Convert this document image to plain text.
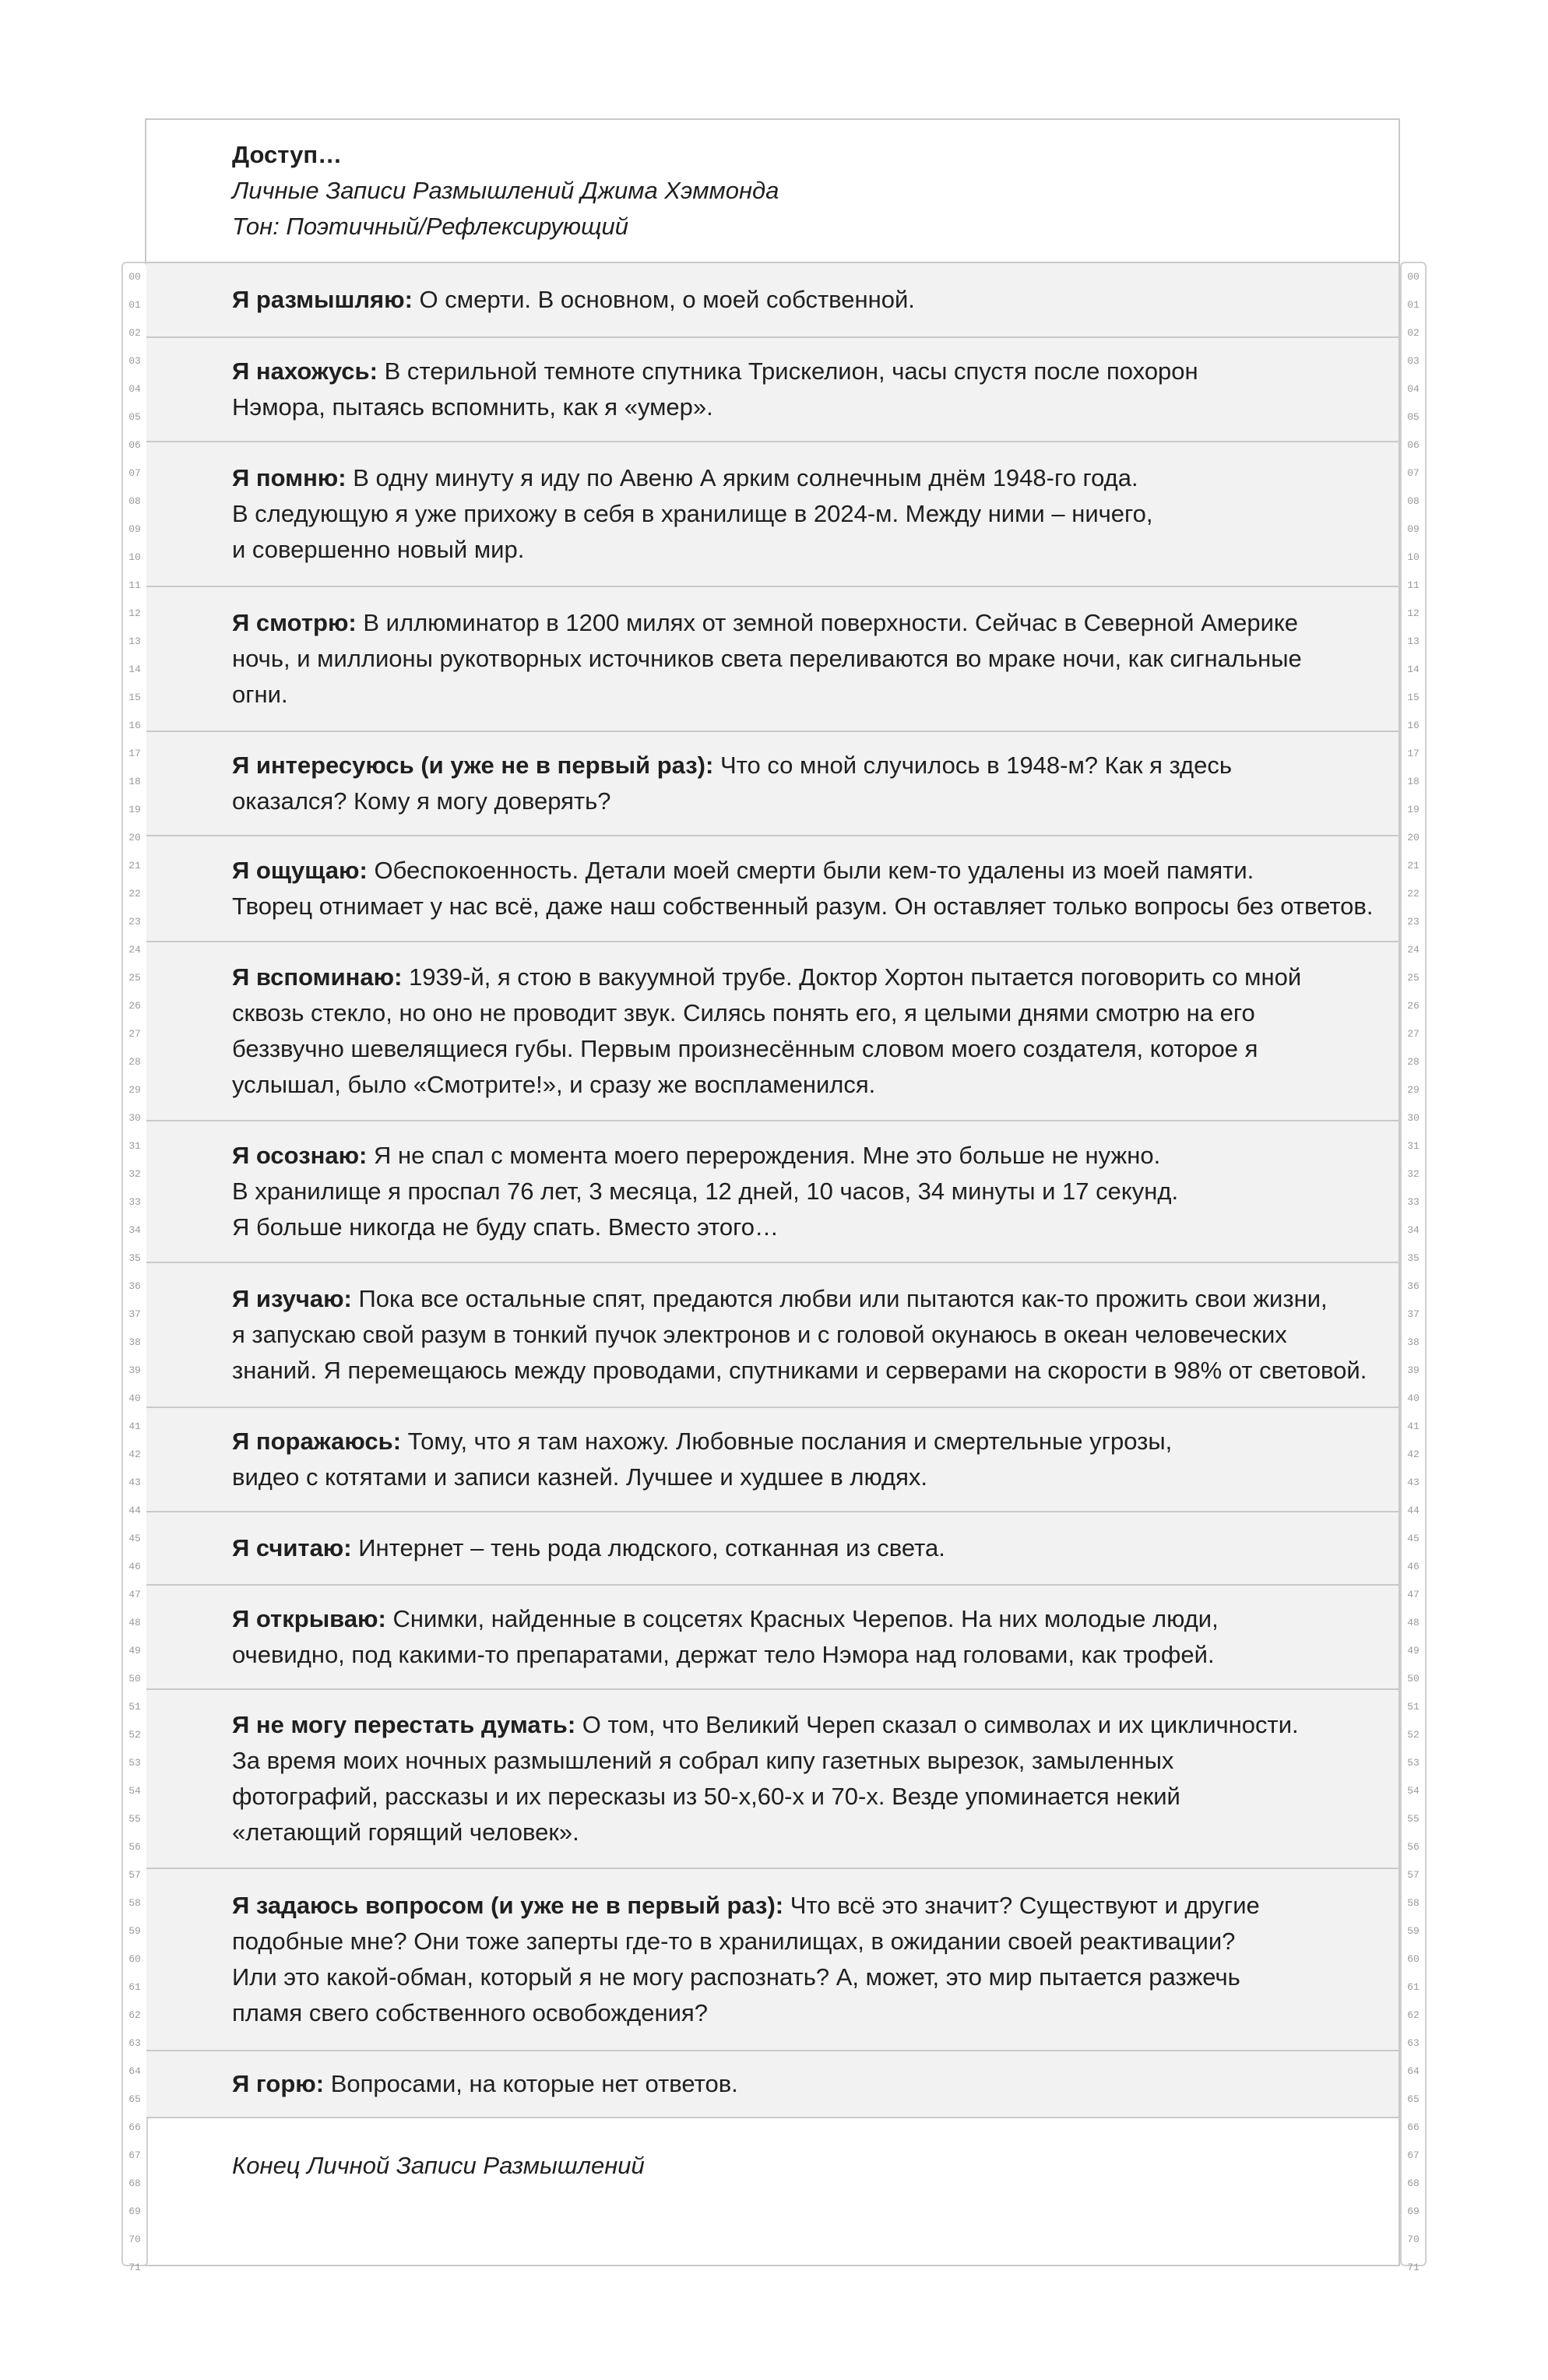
00
01
02
03
04
05
06
07
08
09
10
11
12
13
14
15
16
17
18
19
20
21
22
23
24
25
26
27
28
29
30
31
32
33
34
35
36
37
38
39
40
41
42
43
44
45
46
47
48
49
50
51
52
53
54
55
56
57
58
59
60
61
62
63
64
65
66
67
68
69
70
71
00
01
02
03
04
05
06
07
08
09
10
11
12
13
14
15
16
17
18
19
20
21
22
23
24
25
26
27
28
29
30
31
32
33
34
35
36
37
38
39
40
41
42
43
44
45
46
47
48
49
50
51
52
53
54
55
56
57
58
59
60
61
62
63
64
65
66
67
68
69
70
71
Доступ…
Личные Записи Размышлений Джима Хэммонда
Тон: Поэтичный/Рефлексирующий
Я размышляю: О смерти. В основном, о моей собственной.
Я нахожусь: В стерильной темноте спутника Трискелион, часы спустя после похорон
Нэмора, пытаясь вспомнить, как я «умер».
Я помню: В одну минуту я иду по Авеню А ярким солнечным днём 1948-го года.
В следующую я уже прихожу в себя в хранилище в 2024-м. Между ними – ничего,
и совершенно новый мир.
Я смотрю: В иллюминатор в 1200 милях от земной поверхности. Сейчас в Северной Америке
ночь, и миллионы рукотворных источников света переливаются во мраке ночи, как сигнальные
огни.
Я интересуюсь (и уже не в первый раз): Что со мной случилось в 1948-м? Как я здесь
оказался? Кому я могу доверять?
Я ощущаю: Обеспокоенность. Детали моей смерти были кем-то удалены из моей памяти.
Творец отнимает у нас всё, даже наш собственный разум. Он оставляет только вопросы без ответов.
Я вспоминаю: 1939-й, я стою в вакуумной трубе. Доктор Хортон пытается поговорить со мной
сквозь стекло, но оно не проводит звук. Силясь понять его, я целыми днями смотрю на его
беззвучно шевелящиеся губы. Первым произнесённым словом моего создателя, которое я
услышал, было «Смотрите!», и сразу же воспламенился.
Я осознаю: Я не спал с момента моего перерождения. Мне это больше не нужно.
В хранилище я проспал 76 лет, 3 месяца, 12 дней, 10 часов, 34 минуты и 17 секунд.
Я больше никогда не буду спать. Вместо этого…
Я изучаю: Пока все остальные спят, предаются любви или пытаются как-то прожить свои жизни,
я запускаю свой разум в тонкий пучок электронов и с головой окунаюсь в океан человеческих
знаний. Я перемещаюсь между проводами, спутниками и серверами на скорости в 98% от световой.
Я поражаюсь: Тому, что я там нахожу. Любовные послания и смертельные угрозы,
видео с котятами и записи казней. Лучшее и худшее в людях.
Я считаю: Интернет – тень рода людского, сотканная из света.
Я открываю: Снимки, найденные в соцсетях Красных Черепов. На них молодые люди,
очевидно, под какими-то препаратами, держат тело Нэмора над головами, как трофей.
Я не могу перестать думать: О том, что Великий Череп сказал о символах и их цикличности.
За время моих ночных размышлений я собрал кипу газетных вырезок, замыленных
фотографий, рассказы и их пересказы из 50-х,60-х и 70-х. Везде упоминается некий
«летающий горящий человек».
Я задаюсь вопросом (и уже не в первый раз): Что всё это значит? Существуют и другие
подобные мне? Они тоже заперты где-то в хранилищах, в ожидании своей реактивации?
Или это какой-обман, который я не могу распознать? А, может, это мир пытается разжечь
пламя свего собственного освобождения?
Я горю: Вопросами, на которые нет ответов.
Конец Личной Записи Размышлений
